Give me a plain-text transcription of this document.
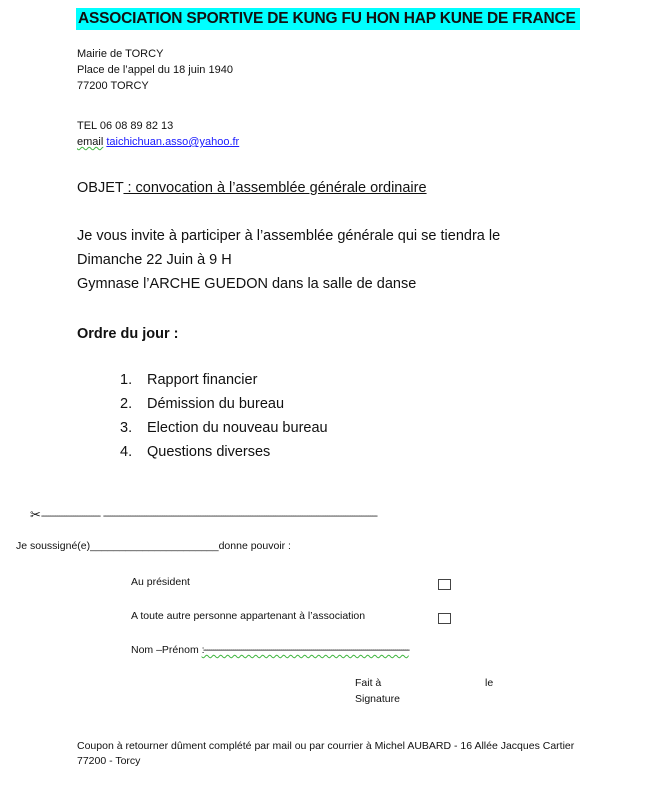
ASSOCIATION SPORTIVE DE KUNG FU HON HAP KUNE DE FRANCE
Mairie de TORCY
Place de l’appel du 18 juin 1940
77200 TORCY
TEL 06 08 89 82 13
email taichichuan.asso@yahoo.fr
OBJET : convocation à l’assemblée générale ordinaire
Je vous invite à participer à l’assemblée générale qui se tiendra le
Dimanche 22 Juin à 9 H
Gymnase l’ARCHE GUEDON dans la salle de danse
Ordre du jour :
1. Rapport financier
2. Démission du bureau
3. Election du nouveau bureau
4. Questions diverses
✂-------------------------- -------------------------------------------------------------------------------------------------------------------------
Je soussigné(e)______________________donne pouvoir :
Au président
A toute autre personne appartenant à l’association
Nom –Prénom :-------------------------------------------------------------------------------------------------------
Fait à	le
Signature
Coupon à retourner dûment complété par mail ou par courrier à Michel AUBARD - 16 Allée Jacques Cartier
77200 - Torcy
